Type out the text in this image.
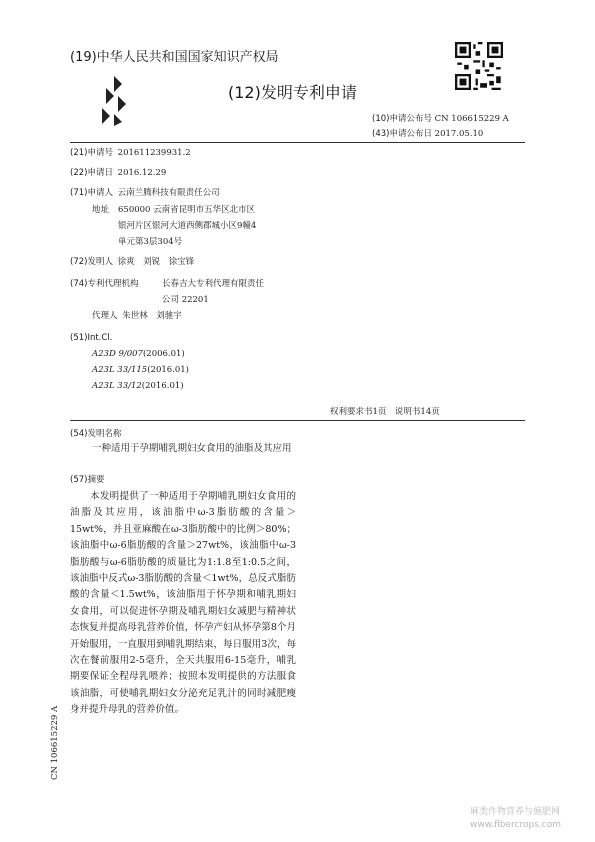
(19)中华人民共和国国家知识产权局
(12)发明专利申请
(10)申请公布号 CN 106615229 A
(43)申请公布日 2017.05.10
(21)申请号 201611239931.2
(22)申请日 2016.12.29
(71)申请人 云南兰腾科技有限责任公司
地址 650000 云南省昆明市五华区北市区
银河片区银河大道西侧郡城小区9幢4
单元第3层304号
(72)发明人 徐爽　刘锐　徐宝锋
(74)专利代理机构	长春吉大专利代理有限责任
公司 22201
代理人 朱世林　刘驰宇
(51)Int.Cl.
A23D 9/007(2006.01)
A23L 33/115(2016.01)
A23L 33/12(2016.01)
权利要求书1页　说明书14页
(54)发明名称
一种适用于孕期哺乳期妇女食用的油脂及其应用
(57)摘要

本发明提供了一种适用于孕期哺乳期妇女食用的油脂及其应用，该油脂中ω-3脂肪酸的含量＞15wt%，并且亚麻酸在ω-3脂肪酸中的比例＞80%；该油脂中ω-6脂肪酸的含量＞27wt%，该油脂中ω-3脂肪酸与ω-6脂肪酸的质量比为1:1.8至1:0.5之间，该油脂中反式ω-3脂肪酸的含量＜1wt%，总反式脂肪酸的含量＜1.5wt%，该油脂用于怀孕期和哺乳期妇女食用，可以促进怀孕期及哺乳期妇女减肥与精神状态恢复并提高母乳营养价值，怀孕产妇从怀孕第8个月开始服用，一直服用到哺乳期结束，每日服用3次，每次在餐前服用2-5毫升，全天共服用6-15毫升，哺乳期要保证全程母乳喂养；按照本发明提供的方法服食该油脂，可使哺乳期妇女分泌充足乳汁的同时减肥瘦身并提升母乳的营养价值。

CN 106615229 A
麻类作物营养与施肥网
www.fibercrops.com
